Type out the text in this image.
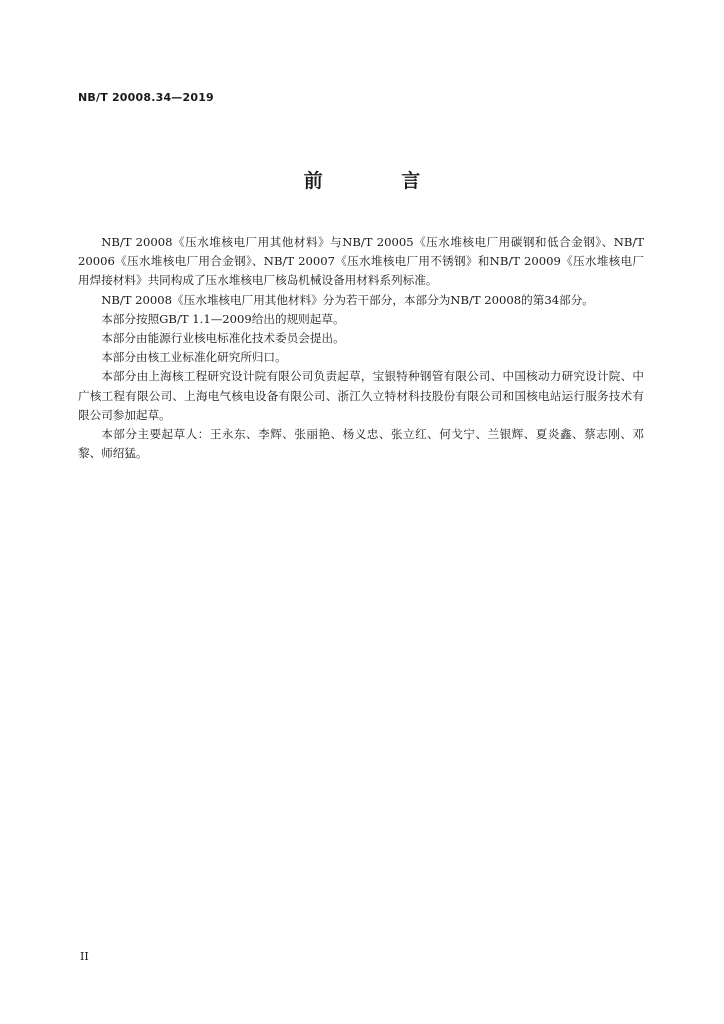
NB/T 20008.34—2019
前 言

NB/T 20008《压水堆核电厂用其他材料》与NB/T 20005《压水堆核电厂用碳钢和低合金钢》、NB/T 20006《压水堆核电厂用合金钢》、NB/T 20007《压水堆核电厂用不锈钢》和NB/T 20009《压水堆核电厂用焊接材料》共同构成了压水堆核电厂核岛机械设备用材料系列标准。

NB/T 20008《压水堆核电厂用其他材料》分为若干部分，本部分为NB/T 20008的第34部分。

本部分按照GB/T 1.1—2009给出的规则起草。

本部分由能源行业核电标准化技术委员会提出。

本部分由核工业标准化研究所归口。

本部分由上海核工程研究设计院有限公司负责起草，宝银特种钢管有限公司、中国核动力研究设计院、中广核工程有限公司、上海电气核电设备有限公司、浙江久立特材科技股份有限公司和国核电站运行服务技术有限公司参加起草。

本部分主要起草人：王永东、李辉、张丽艳、杨义忠、张立红、何戈宁、兰银辉、夏炎鑫、蔡志刚、邓黎、师绍猛。

II
